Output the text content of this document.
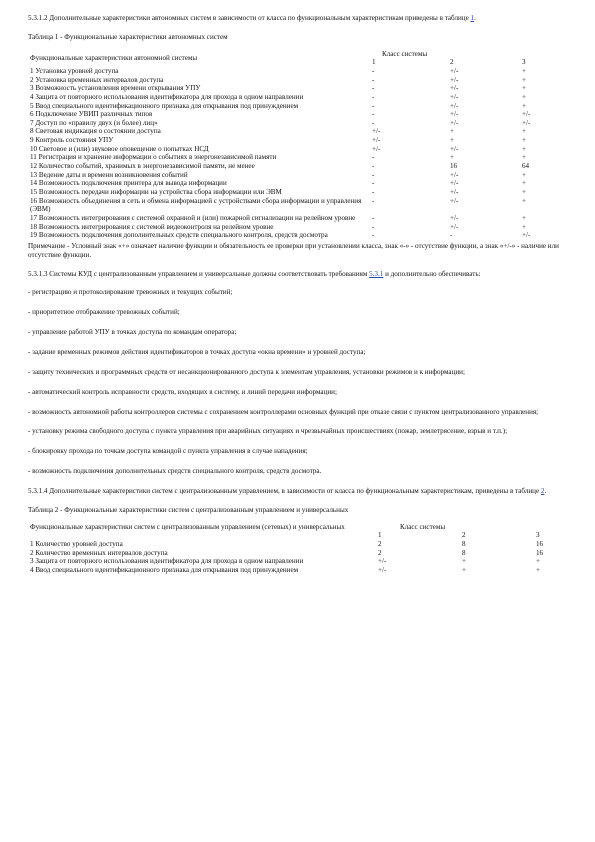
5.3.1.2 Дополнительные характеристики автономных систем в зависимости от класса по функциональным характеристикам приведены в таблице 1.

Таблица 1 - Функциональные характеристики автономных систем

Функциональные характеристики автономной системы	Класс системы		
	1	2	3
1 Установка уровней доступа	-	+/-	+
2 Установка временных интервалов доступа	-	+/-	+
3 Возможность установления времени открывания УПУ	-	+/-	+
4 Защита от повторного использования идентификатора для прохода в одном направлении	-	+/-	+
5 Ввод специального идентификационного признака для открывания под принуждением	-	+/-	+
6 Подключение УВИП различных типов	-	+/-	+/-
7 Доступ по «правилу двух (и более) лиц»	-	+/-	+/-
8 Световая индикация о состоянии доступа	+/-	+	+
9 Контроль состояния УПУ	+/-	+	+
10 Световое и (или) звуковое оповещение о попытках НСД	+/-	+/-	+
11 Регистрация и хранение информации о событиях в энергонезависимой памяти	-	+	+
12 Количество событий, хранимых в энергонезависимой памяти, не менее	-	16	64
13 Ведение даты и времени возникновения событий	-	+/-	+
14 Возможность подключения принтера для вывода информации	-	+/-	+
15 Возможность передачи информации на устройства сбора информации или ЭВМ	-	+/-	+
16 Возможность объединения в сеть и обмена информацией с устройствами сбора информации и управления (ЭВМ)	-	+/-	+
17 Возможность интегрирования с системой охранной и (или) пожарной сигнализации на релейном уровне	-	+/-	+
18 Возможность интегрирования с системой видеоконтроля на релейном уровне	-	+/-	+
19 Возможность подключения дополнительных средств специального контроля, средств досмотра	-	-	+/-

Примечание - Условный знак «+» означает наличие функции и обязательность ее проверки при установлении класса, знак «-» - отсутствие функции, а знак «+/-» - наличие или отсутствие функции.

5.3.1.3 Системы КУД с централизованным управлением и универсальные должны соответствовать требованиям 5.3.1 и дополнительно обеспечивать:

- регистрацию и протоколирование тревожных и текущих событий;

- приоритетное отображение тревожных событий;

- управление работой УПУ в точках доступа по командам оператора;

- задание временных режимов действия идентификаторов в точках доступа «окна времени» и уровней доступа;

- защиту технических и программных средств от несанкционированного доступа к элементам управления, установки режимов и к информации;

- автоматический контроль исправности средств, входящих в систему, и линий передачи информации;

- возможность автономной работы контроллеров системы с сохранением контроллерами основных функций при отказе связи с пунктом централизованного управления;

- установку режима свободного доступа с пункта управления при аварийных ситуациях и чрезвычайных происшествиях (пожар, землетрясение, взрыв и т.п.);

- блокировку прохода по точкам доступа командой с пункта управления в случае нападения;

- возможность подключения дополнительных средств специального контроля, средств досмотра.

5.3.1.4 Дополнительные характеристики систем с централизованным управлением, в зависимости от класса по функциональным характеристикам, приведены в таблице 2.

Таблица 2 - Функциональные характеристики систем с централизованным управлением и универсальных

Функциональные характеристики систем с централизованным управлением (сетевых) и универсальных	Класс системы		
	1	2	3
1 Количество уровней доступа	2	8	16
2 Количество временных интервалов доступа	2	8	16
3 Защита от повторного использования идентификатора для прохода в одном направлении	+/-	+	+
4 Ввод специального идентификационного признака для открывания под принуждением	+/-	+	+
